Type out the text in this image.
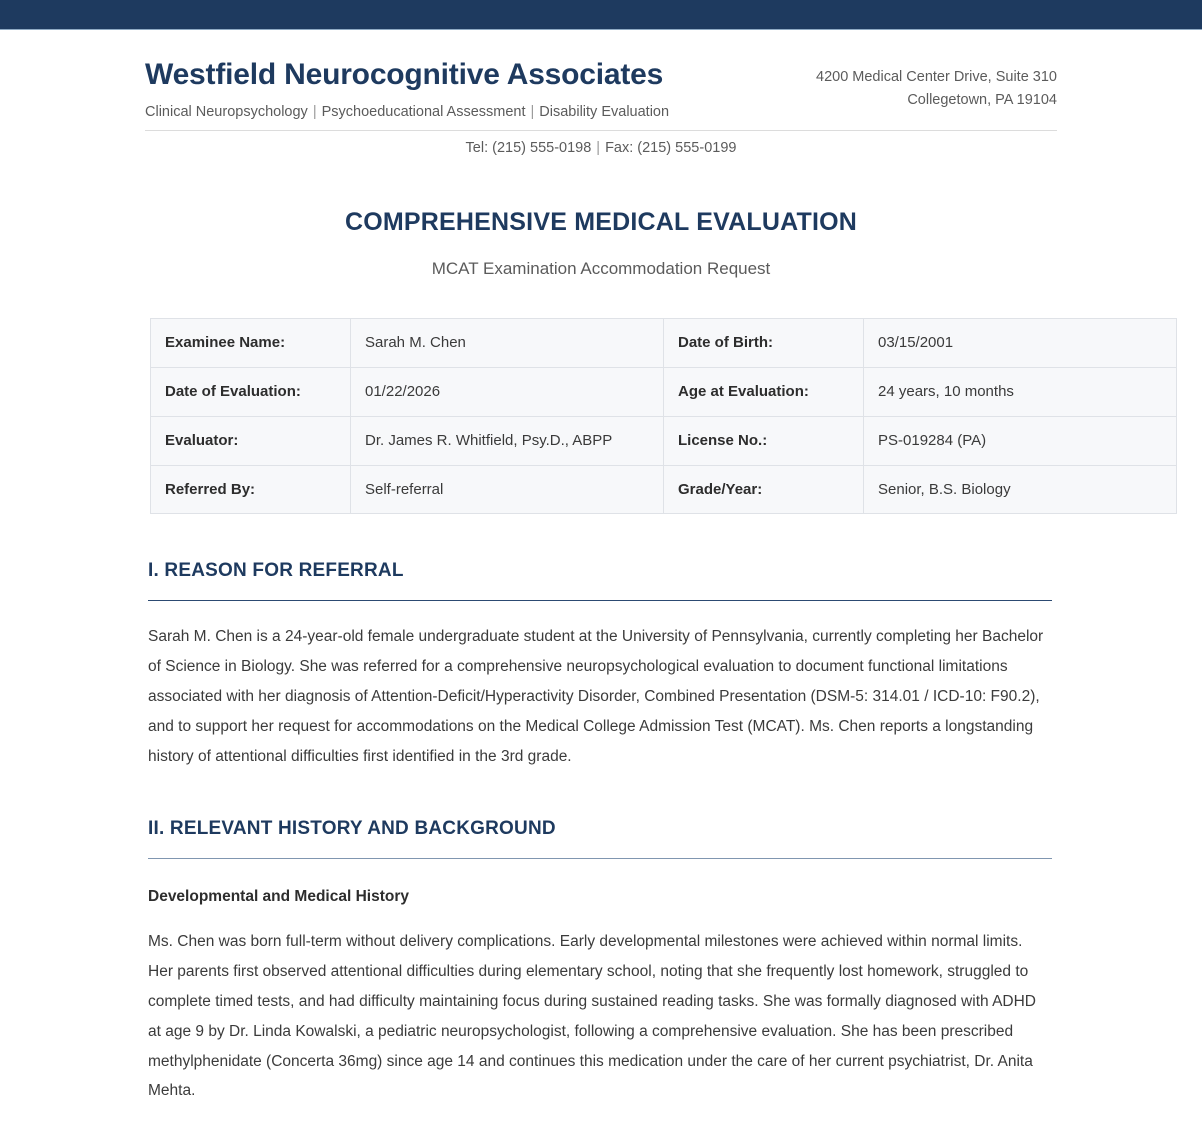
Westfield Neurocognitive Associates
Clinical Neuropsychology | Psychoeducational Assessment | Disability Evaluation
4200 Medical Center Drive, Suite 310
Collegetown, PA 19104
Tel: (215) 555-0198 | Fax: (215) 555-0199
COMPREHENSIVE MEDICAL EVALUATION
MCAT Examination Accommodation Request
Examinee Name:	Sarah M. Chen	Date of Birth:	03/15/2001
Date of Evaluation:	01/22/2026	Age at Evaluation:	24 years, 10 months
Evaluator:	Dr. James R. Whitfield, Psy.D., ABPP	License No.:	PS-019284 (PA)
Referred By:	Self-referral	Grade/Year:	Senior, B.S. Biology
I. REASON FOR REFERRAL

Sarah M. Chen is a 24-year-old female undergraduate student at the University of Pennsylvania, currently completing her Bachelor of Science in Biology. She was referred for a comprehensive neuropsychological evaluation to document functional limitations associated with her diagnosis of Attention-Deficit/Hyperactivity Disorder, Combined Presentation (DSM-5: 314.01 / ICD-10: F90.2), and to support her request for accommodations on the Medical College Admission Test (MCAT). Ms. Chen reports a longstanding history of attentional difficulties first identified in the 3rd grade.

II. RELEVANT HISTORY AND BACKGROUND
Developmental and Medical History

Ms. Chen was born full-term without delivery complications. Early developmental milestones were achieved within normal limits. Her parents first observed attentional difficulties during elementary school, noting that she frequently lost homework, struggled to complete timed tests, and had difficulty maintaining focus during sustained reading tasks. She was formally diagnosed with ADHD at age 9 by Dr. Linda Kowalski, a pediatric neuropsychologist, following a comprehensive evaluation. She has been prescribed methylphenidate (Concerta 36mg) since age 14 and continues this medication under the care of her current psychiatrist, Dr. Anita Mehta.
